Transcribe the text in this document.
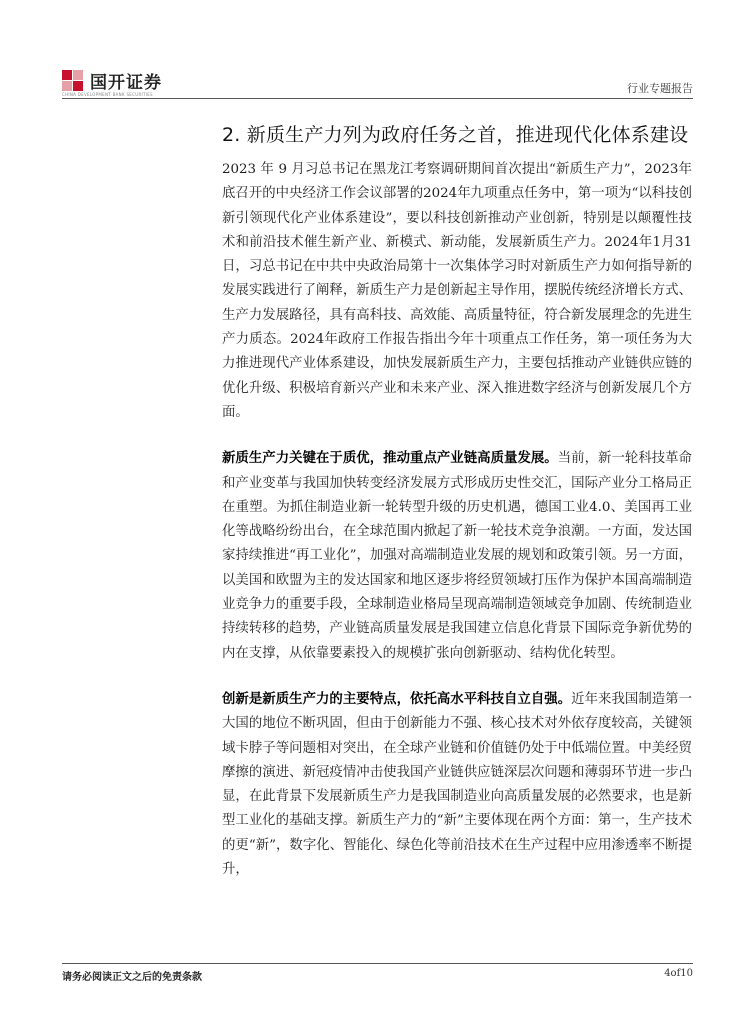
国开证券
CHINA DEVELOPMENT BANK SECURITIES	行业专题报告
2. 新质生产力列为政府任务之首，推进现代化体系建设

2023 年 9 月习总书记在黑龙江考察调研期间首次提出“新质生产力”，2023年底召开的中央经济工作会议部署的2024年九项重点任务中，第一项为“以科技创新引领现代化产业体系建设”，要以科技创新推动产业创新，特别是以颠覆性技术和前沿技术催生新产业、新模式、新动能，发展新质生产力。2024年1月31日，习总书记在中共中央政治局第十一次集体学习时对新质生产力如何指导新的发展实践进行了阐释，新质生产力是创新起主导作用，摆脱传统经济增长方式、生产力发展路径，具有高科技、高效能、高质量特征，符合新发展理念的先进生产力质态。2024年政府工作报告指出今年十项重点工作任务，第一项任务为大力推进现代产业体系建设，加快发展新质生产力，主要包括推动产业链供应链的优化升级、积极培育新兴产业和未来产业、深入推进数字经济与创新发展几个方面。

新质生产力关键在于质优，推动重点产业链高质量发展。当前，新一轮科技革命和产业变革与我国加快转变经济发展方式形成历史性交汇，国际产业分工格局正在重塑。为抓住制造业新一轮转型升级的历史机遇，德国工业4.0、美国再工业化等战略纷纷出台，在全球范围内掀起了新一轮技术竞争浪潮。一方面，发达国家持续推进“再工业化”，加强对高端制造业发展的规划和政策引领。另一方面，以美国和欧盟为主的发达国家和地区逐步将经贸领域打压作为保护本国高端制造业竞争力的重要手段，全球制造业格局呈现高端制造领域竞争加剧、传统制造业持续转移的趋势，产业链高质量发展是我国建立信息化背景下国际竞争新优势的内在支撑，从依靠要素投入的规模扩张向创新驱动、结构优化转型。

创新是新质生产力的主要特点，依托高水平科技自立自强。近年来我国制造第一大国的地位不断巩固，但由于创新能力不强、核心技术对外依存度较高，关键领域卡脖子等问题相对突出，在全球产业链和价值链仍处于中低端位置。中美经贸摩擦的演进、新冠疫情冲击使我国产业链供应链深层次问题和薄弱环节进一步凸显，在此背景下发展新质生产力是我国制造业向高质量发展的必然要求，也是新型工业化的基础支撑。新质生产力的“新”主要体现在两个方面：第一，生产技术的更“新”，数字化、智能化、绿色化等前沿技术在生产过程中应用渗透率不断提升，

请务必阅读正文之后的免责条款	4of10
